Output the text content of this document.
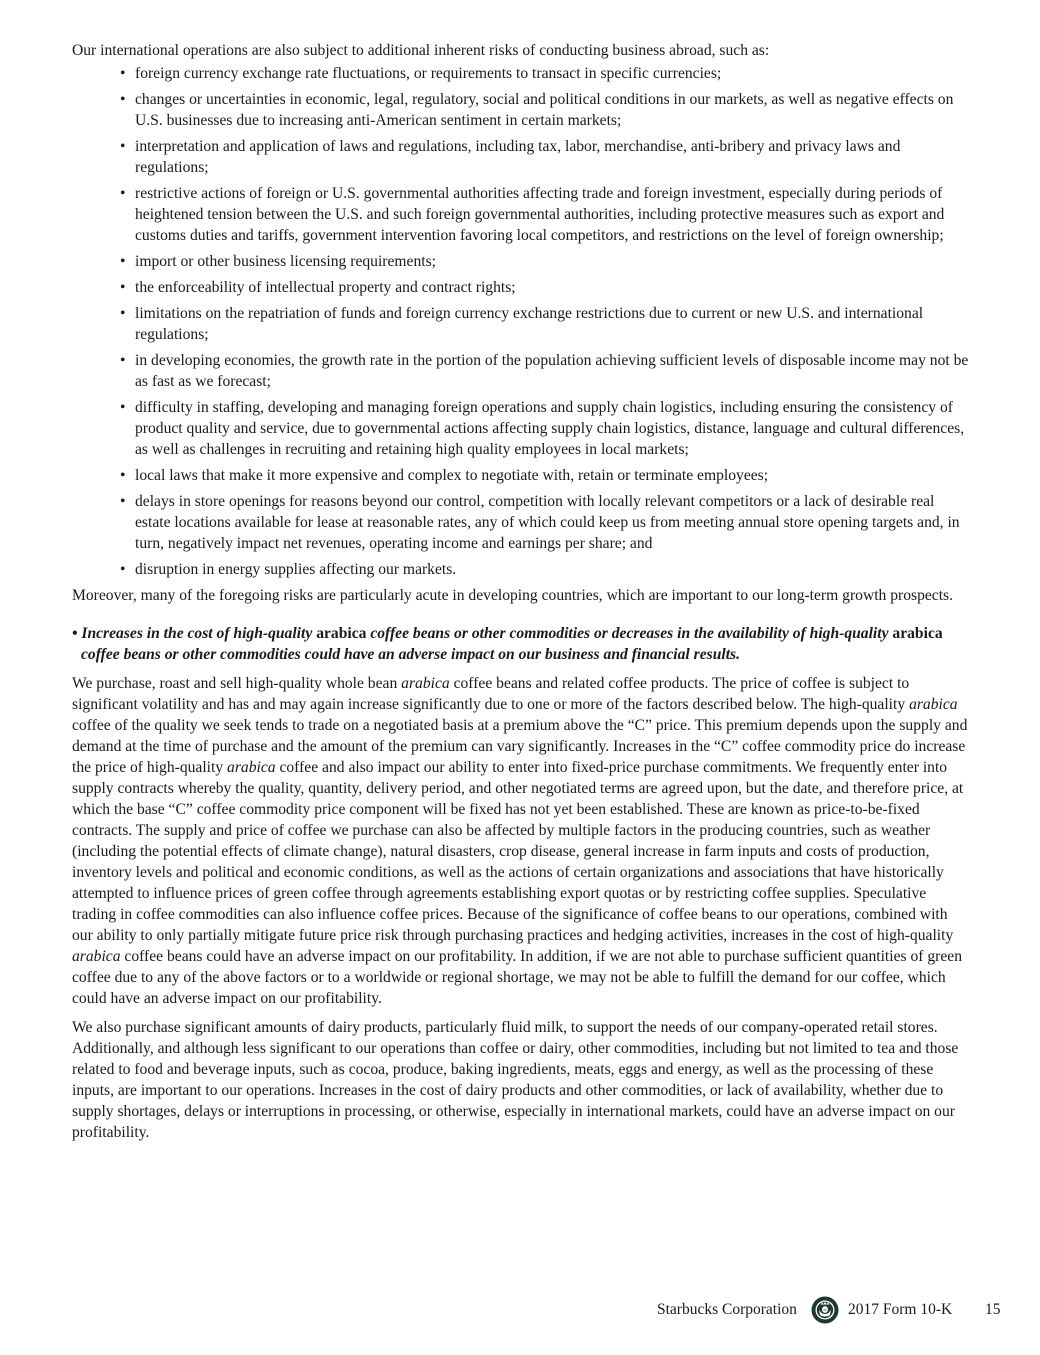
Our international operations are also subject to additional inherent risks of conducting business abroad, such as:

• foreign currency exchange rate fluctuations, or requirements to transact in specific currencies;
• changes or uncertainties in economic, legal, regulatory, social and political conditions in our markets, as well as negative effects on U.S. businesses due to increasing anti-American sentiment in certain markets;
• interpretation and application of laws and regulations, including tax, labor, merchandise, anti-bribery and privacy laws and regulations;
• restrictive actions of foreign or U.S. governmental authorities affecting trade and foreign investment, especially during periods of heightened tension between the U.S. and such foreign governmental authorities, including protective measures such as export and customs duties and tariffs, government intervention favoring local competitors, and restrictions on the level of foreign ownership;
• import or other business licensing requirements;
• the enforceability of intellectual property and contract rights;
• limitations on the repatriation of funds and foreign currency exchange restrictions due to current or new U.S. and international regulations;
• in developing economies, the growth rate in the portion of the population achieving sufficient levels of disposable income may not be as fast as we forecast;
• difficulty in staffing, developing and managing foreign operations and supply chain logistics, including ensuring the consistency of product quality and service, due to governmental actions affecting supply chain logistics, distance, language and cultural differences, as well as challenges in recruiting and retaining high quality employees in local markets;
• local laws that make it more expensive and complex to negotiate with, retain or terminate employees;
• delays in store openings for reasons beyond our control, competition with locally relevant competitors or a lack of desirable real estate locations available for lease at reasonable rates, any of which could keep us from meeting annual store opening targets and, in turn, negatively impact net revenues, operating income and earnings per share; and
• disruption in energy supplies affecting our markets.

Moreover, many of the foregoing risks are particularly acute in developing countries, which are important to our long-term growth prospects.

• Increases in the cost of high-quality arabica coffee beans or other commodities or decreases in the availability of high-quality arabica coffee beans or other commodities could have an adverse impact on our business and financial results.

We purchase, roast and sell high-quality whole bean arabica coffee beans and related coffee products. The price of coffee is subject to significant volatility and has and may again increase significantly due to one or more of the factors described below. The high-quality arabica coffee of the quality we seek tends to trade on a negotiated basis at a premium above the “C” price. This premium depends upon the supply and demand at the time of purchase and the amount of the premium can vary significantly. Increases in the “C” coffee commodity price do increase the price of high-quality arabica coffee and also impact our ability to enter into fixed-price purchase commitments. We frequently enter into supply contracts whereby the quality, quantity, delivery period, and other negotiated terms are agreed upon, but the date, and therefore price, at which the base “C” coffee commodity price component will be fixed has not yet been established. These are known as price-to-be-fixed contracts. The supply and price of coffee we purchase can also be affected by multiple factors in the producing countries, such as weather (including the potential effects of climate change), natural disasters, crop disease, general increase in farm inputs and costs of production, inventory levels and political and economic conditions, as well as the actions of certain organizations and associations that have historically attempted to influence prices of green coffee through agreements establishing export quotas or by restricting coffee supplies. Speculative trading in coffee commodities can also influence coffee prices. Because of the significance of coffee beans to our operations, combined with our ability to only partially mitigate future price risk through purchasing practices and hedging activities, increases in the cost of high-quality arabica coffee beans could have an adverse impact on our profitability. In addition, if we are not able to purchase sufficient quantities of green coffee due to any of the above factors or to a worldwide or regional shortage, we may not be able to fulfill the demand for our coffee, which could have an adverse impact on our profitability.

We also purchase significant amounts of dairy products, particularly fluid milk, to support the needs of our company-operated retail stores. Additionally, and although less significant to our operations than coffee or dairy, other commodities, including but not limited to tea and those related to food and beverage inputs, such as cocoa, produce, baking ingredients, meats, eggs and energy, as well as the processing of these inputs, are important to our operations. Increases in the cost of dairy products and other commodities, or lack of availability, whether due to supply shortages, delays or interruptions in processing, or otherwise, especially in international markets, could have an adverse impact on our profitability.

Starbucks Corporation	2017 Form 10-K 15
